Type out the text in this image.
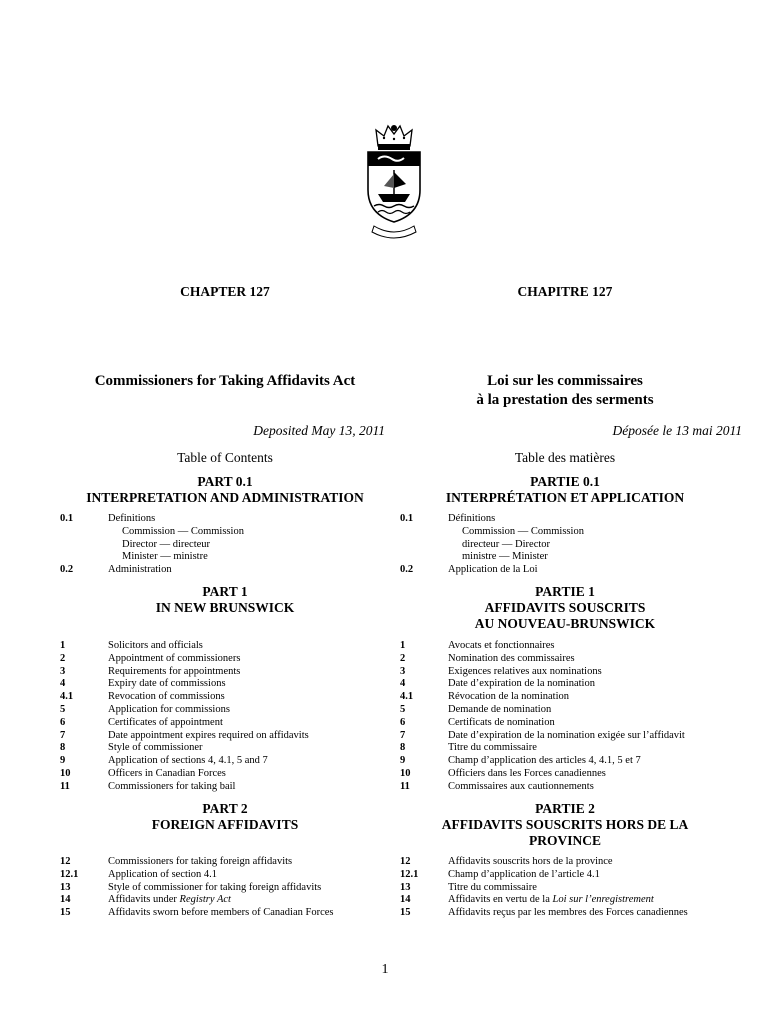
CHAPTER 127
Commissioners for Taking Affidavits Act
Deposited May 13, 2011
Table of Contents
PART 0.1
INTERPRETATION AND ADMINISTRATION
0.1	Definitions
Commission — Commission
Director — directeur
Minister — ministre
0.2	Administration
PART 1
IN NEW BRUNSWICK
1	Solicitors and officials
2	Appointment of commissioners
3	Requirements for appointments
4	Expiry date of commissions
4.1	Revocation of commissions
5	Application for commissions
6	Certificates of appointment
7	Date appointment expires required on affidavits
8	Style of commissioner
9	Application of sections 4, 4.1, 5 and 7
10	Officers in Canadian Forces
11	Commissioners for taking bail
PART 2
FOREIGN AFFIDAVITS
12	Commissioners for taking foreign affidavits
12.1	Application of section 4.1
13	Style of commissioner for taking foreign affidavits
14	Affidavits under Registry Act
15	Affidavits sworn before members of Canadian Forces
CHAPITRE 127
Loi sur les commissaires
à la prestation des serments
Déposée le 13 mai 2011
Table des matières
PARTIE 0.1
INTERPRÉTATION ET APPLICATION
0.1	Définitions
Commission — Commission
directeur — Director
ministre — Minister
0.2	Application de la Loi
PARTIE 1
AFFIDAVITS SOUSCRITS
AU NOUVEAU-BRUNSWICK
1	Avocats et fonctionnaires
2	Nomination des commissaires
3	Exigences relatives aux nominations
4	Date d’expiration de la nomination
4.1	Révocation de la nomination
5	Demande de nomination
6	Certificats de nomination
7	Date d’expiration de la nomination exigée sur l’affidavit
8	Titre du commissaire
9	Champ d’application des articles 4, 4.1, 5 et 7
10	Officiers dans les Forces canadiennes
11	Commissaires aux cautionnements
PARTIE 2
AFFIDAVITS SOUSCRITS HORS DE LA
PROVINCE
12	Affidavits souscrits hors de la province
12.1	Champ d’application de l’article 4.1
13	Titre du commissaire
14	Affidavits en vertu de la Loi sur l’enregistrement
15	Affidavits reçus par les membres des Forces canadiennes
1
